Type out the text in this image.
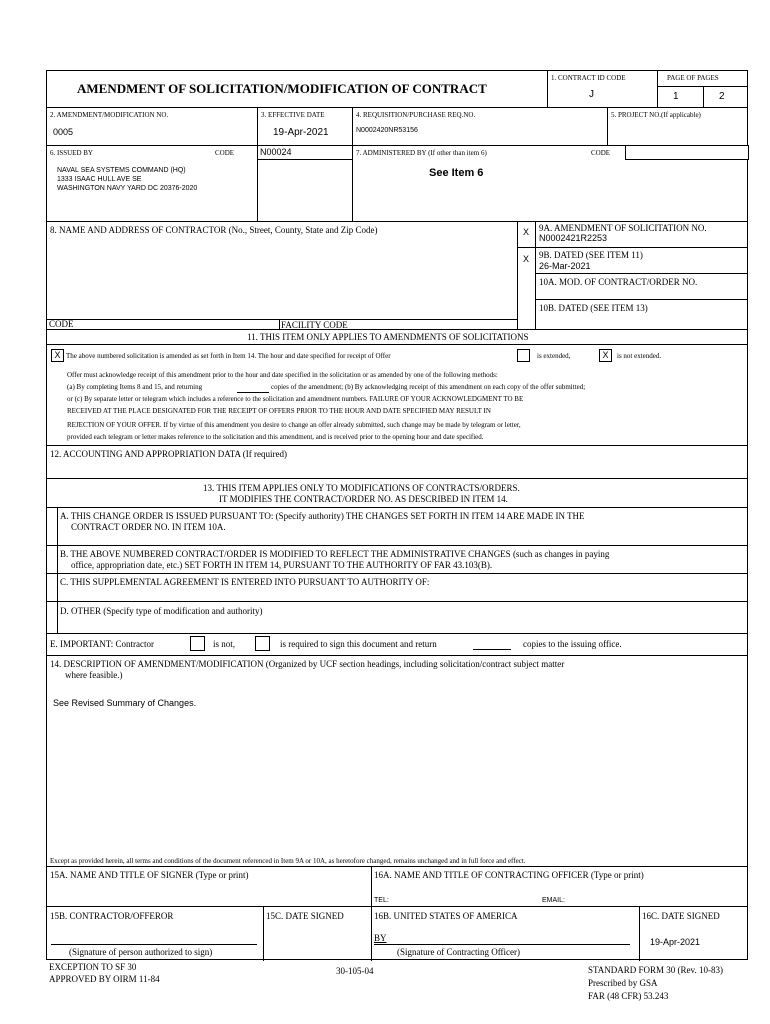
AMENDMENT OF SOLICITATION/MODIFICATION OF CONTRACT
1. CONTRACT ID CODE
J
PAGE OF PAGES
1	2
2. AMENDMENT/MODIFICATION NO.
0005
3. EFFECTIVE DATE
19-Apr-2021
4. REQUISITION/PURCHASE REQ.NO.
N0002420NR53156
5. PROJECT NO.(If applicable)
6. ISSUED BY	CODE	N00024	7. ADMINISTERED BY (If other than item 6)	CODE
NAVAL SEA SYSTEMS COMMAND (HQ)
1333 ISAAC HULL AVE SE
WASHINGTON NAVY YARD DC 20376-2020
See Item 6
8. NAME AND ADDRESS OF CONTRACTOR (No., Street, County, State and Zip Code)	X 9A. AMENDMENT OF SOLICITATION NO.
N0002421R2253
X 9B. DATED (SEE ITEM 11)
26-Mar-2021
10A. MOD. OF CONTRACT/ORDER NO.
10B. DATED (SEE ITEM 13)
CODE	FACILITY CODE
11. THIS ITEM ONLY APPLIES TO AMENDMENTS OF SOLICITATIONS
X The above numbered solicitation is amended as set forth in Item 14. The hour and date specified for receipt of Offer	is extended,	X	is not extended.
Offer must acknowledge receipt of this amendment prior to the hour and date specified in the solicitation or as amended by one of the following methods:
(a) By completing Items 8 and 15, and returning	copies of the amendment; (b) By acknowledging receipt of this amendment on each copy of the offer submitted;
or (c) By separate letter or telegram which includes a reference to the solicitation and amendment numbers. FAILURE OF YOUR ACKNOWLEDGMENT TO BE
RECEIVED AT THE PLACE DESIGNATED FOR THE RECEIPT OF OFFERS PRIOR TO THE HOUR AND DATE SPECIFIED MAY RESULT IN
REJECTION OF YOUR OFFER. If by virtue of this amendment you desire to change an offer already submitted, such change may be made by telegram or letter,
provided each telegram or letter makes reference to the solicitation and this amendment, and is received prior to the opening hour and date specified.
12. ACCOUNTING AND APPROPRIATION DATA (If required)
13. THIS ITEM APPLIES ONLY TO MODIFICATIONS OF CONTRACTS/ORDERS.
IT MODIFIES THE CONTRACT/ORDER NO. AS DESCRIBED IN ITEM 14.
A. THIS CHANGE ORDER IS ISSUED PURSUANT TO: (Specify authority) THE CHANGES SET FORTH IN ITEM 14 ARE MADE IN THE
CONTRACT ORDER NO. IN ITEM 10A.
B. THE ABOVE NUMBERED CONTRACT/ORDER IS MODIFIED TO REFLECT THE ADMINISTRATIVE CHANGES (such as changes in paying
office, appropriation date, etc.) SET FORTH IN ITEM 14, PURSUANT TO THE AUTHORITY OF FAR 43.103(B).
C. THIS SUPPLEMENTAL AGREEMENT IS ENTERED INTO PURSUANT TO AUTHORITY OF:
D. OTHER (Specify type of modification and authority)
E. IMPORTANT: Contractor	is not,	is required to sign this document and return	copies to the issuing office.
14. DESCRIPTION OF AMENDMENT/MODIFICATION (Organized by UCF section headings, including solicitation/contract subject matter
where feasible.)
See Revised Summary of Changes.
Except as provided herein, all terms and conditions of the document referenced in Item 9A or 10A, as heretofore changed, remains unchanged and in full force and effect.
15A. NAME AND TITLE OF SIGNER (Type or print)	16A. NAME AND TITLE OF CONTRACTING OFFICER (Type or print)
TEL:	EMAIL:
15B. CONTRACTOR/OFFEROR	15C. DATE SIGNED	16B. UNITED STATES OF AMERICA	16C. DATE SIGNED
(Signature of person authorized to sign)
BY
(Signature of Contracting Officer)
19-Apr-2021
EXCEPTION TO SF 30
APPROVED BY OIRM 11-84
30-105-04	STANDARD FORM 30 (Rev. 10-83)
Prescribed by GSA
FAR (48 CFR) 53.243
